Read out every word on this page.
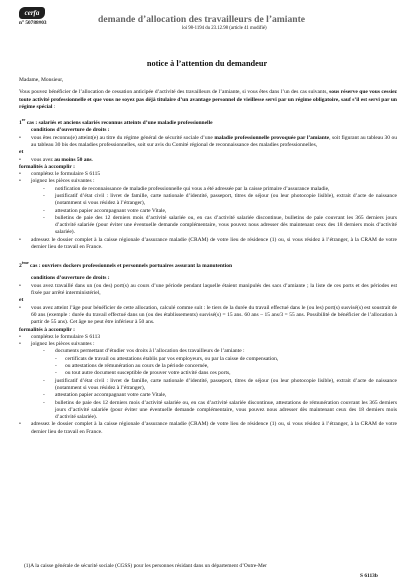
cerfa
n° 50788#03	demande d’allocation des travailleurs de l’amiante
loi 98-1194 du 23.12.98 (article 41 modifié)
notice à l’attention du demandeur

Madame, Monsieur,

Vous pouvez bénéficier de l’allocation de cessation anticipée d’activité des travailleurs de l’amiante, si vous êtes dans l’un des cas suivants, sous réserve que vous cessiez toute activité professionnelle et que vous ne soyez pas déjà titulaire d’un avantage personnel de vieillesse servi par un régime obligatoire, sauf s’il est servi par un régime spécial :

1er cas : salariés et anciens salariés reconnus atteints d’une maladie professionnelle

conditions d’ouverture de droits :

•	vous êtes reconnu(e) atteint(e) au titre du régime général de sécurité sociale d’une maladie professionnelle provoquée par l’amiante, soit figurant au tableau 30 ou au tableau 30 bis des maladies professionnelles, soit sur avis du Comité régional de reconnaissance des maladies professionnelles,

et

•	vous avez au moins 50 ans.

formalités à accomplir :

•	complétez le formulaire S 6115
•	joignez les pièces suivantes :
-	notification de reconnaissance de maladie professionnelle qui vous a été adressée par la caisse primaire d’assurance maladie,
-	justificatif d’état civil : livret de famille, carte nationale d’identité, passeport, titres de séjour (ou leur photocopie lisible), extrait d’acte de naissance (notamment si vous résidez à l’étranger),
-	attestation papier accompagnant votre carte Vitale,
-	bulletins de paie des 12 derniers mois d’activité salariée ou, en cas d’activité salariée discontinue, bulletins de paie couvrant les 365 derniers jours d’activité salariée (pour éviter une éventuelle demande complémentaire, vous pouvez nous adresser dès maintenant ceux des 18 derniers mois d’activité salariée).
•	adressez le dossier complet à la caisse régionale d’assurance maladie (CRAM) de votre lieu de résidence (1) ou, si vous résidez à l’étranger, à la CRAM de votre dernier lieu de travail en France.

2ème cas : ouvriers dockers professionnels et personnels portuaires assurant la manutention

conditions d’ouverture de droits :

•	vous avez travaillé dans un (ou des) port(s) au cours d’une période pendant laquelle étaient manipulés des sacs d’amiante ; la liste de ces ports et des périodes est fixée par arrêté interministériel,

et

•	vous avez atteint l’âge pour bénéficier de cette allocation, calculé comme suit : le tiers de la durée du travail effectué dans le (ou les) port(s) susvisé(s) est soustrait de 60 ans (exemple : durée du travail effectué dans un (ou des établissements) susvisé(s) = 15 ans. 60 ans – 15 ans/3 = 55 ans. Possibilité de bénéficier de l’allocation à partir de 55 ans). Cet âge ne peut être inférieur à 50 ans.

formalités à accomplir :

•	complétez le formulaire S 6113
•	joignez les pièces suivantes :
-	documents permettant d’étudier vos droits à l’allocation des travailleurs de l’amiante :
-	certificats de travail ou attestations établis par vos employeurs, ou par la caisse de compensation,
-	ou attestations de rémunération au cours de la période concernée,
-	ou tout autre document susceptible de prouver votre activité dans ces ports,
-	justificatif d’état civil : livret de famille, carte nationale d’identité, passeport, titres de séjour (ou leur photocopie lisible), extrait d’acte de naissance (notamment si vous résidez à l’étranger),
-	attestation papier accompagnant votre carte Vitale,
-	bulletins de paie des 12 derniers mois d’activité salariée ou, en cas d’activité salariée discontinue, attestations de rémunération couvrant les 365 derniers jours d’activité salariée (pour éviter une éventuelle demande complémentaire, vous pouvez nous adresser dès maintenant ceux des 18 derniers mois d’activité salariée).
•	adressez le dossier complet à la caisse régionale d’assurance maladie (CRAM) de votre lieu de résidence (1) ou, si vous résidez à l’étranger, à la CRAM de votre dernier lieu de travail en France.
(1)A la caisse générale de sécurité sociale (CGSS) pour les personnes résidant dans un département d’Outre-Mer
S 6113b
